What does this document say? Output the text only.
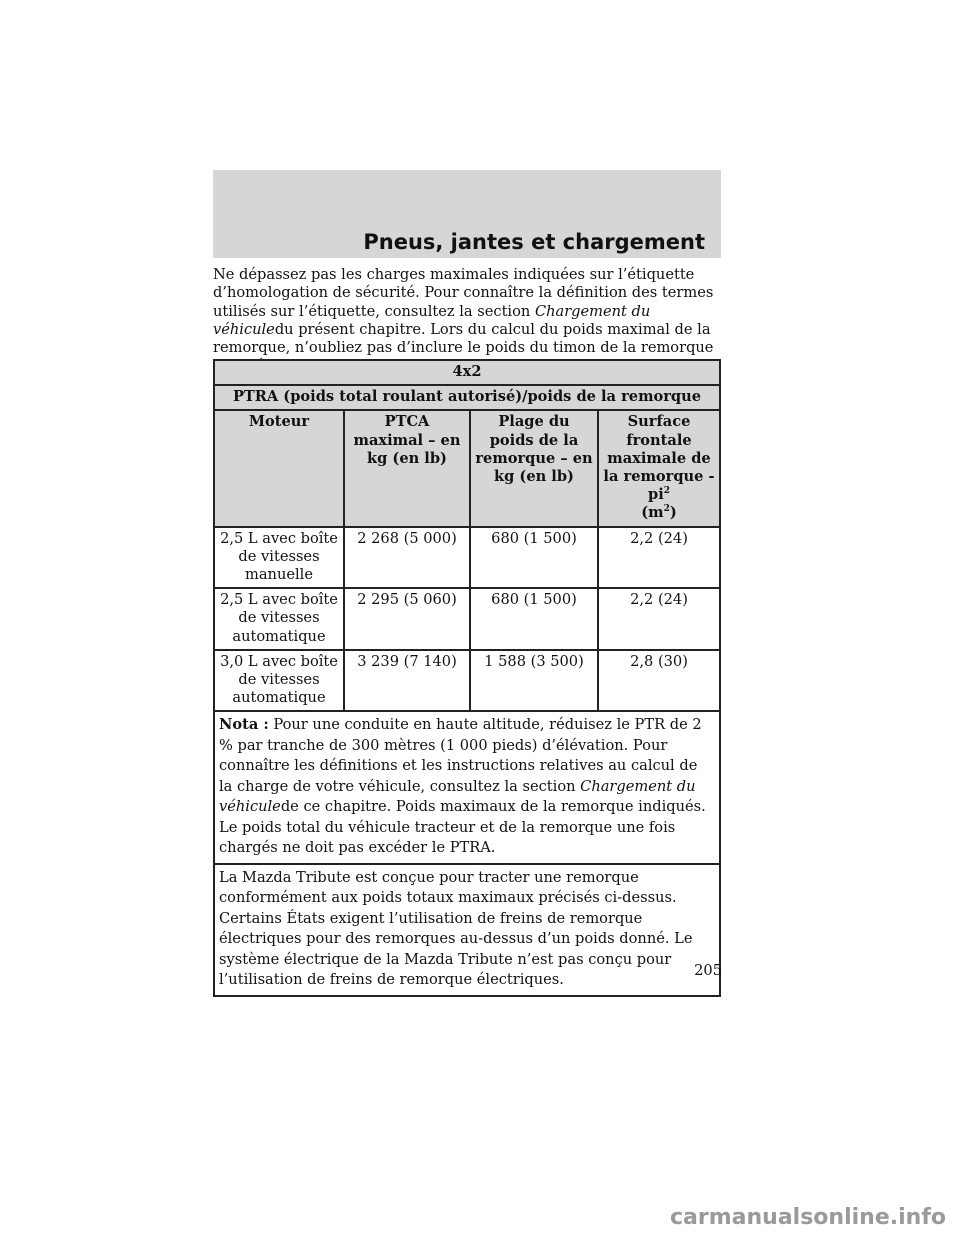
Pneus, jantes et chargement
Ne dépassez pas les charges maximales indiquées sur l’étiquette d’homologation de sécurité. Pour connaître la définition des termes utilisés sur l’étiquette, consultez la section Chargement du véhiculedu présent chapitre. Lors du calcul du poids maximal de la remorque, n’oubliez pas d’inclure le poids du timon de la remorque
4x2			
PTRA (poids total roulant autorisé)/poids de la remorque			
Moteur	PTCA maximal – en kg (en lb)	Plage du poids de la remorque – en kg (en lb)	Surface frontale maximale de la remorque - $pi^2$
$(m^2)$
2,5 L avec boîte de vitesses manuelle	2 268 (5 000)	680 (1 500)	2,2 (24)
2,5 L avec boîte de vitesses automatique	2 295 (5 060)	680 (1 500)	2,2 (24)
3,0 L avec boîte de vitesses automatique	3 239 (7 140)	1 588 (3 500)	2,8 (30)
Nota : Pour une conduite en haute altitude, réduisez le PTR de 2 % par tranche de 300 mètres (1 000 pieds) d’élévation. Pour connaître les définitions et les instructions relatives au calcul de la charge de votre véhicule, consultez la section Chargement du véhiculede ce chapitre. Poids maximaux de la remorque indiqués. Le poids total du véhicule tracteur et de la remorque une fois chargés ne doit pas excéder le PTRA.			
La Mazda Tribute est conçue pour tracter une remorque conformément aux poids totaux maximaux précisés ci-dessus. Certains États exigent l’utilisation de freins de remorque électriques pour des remorques au-dessus d’un poids donné. Le système électrique de la Mazda Tribute n’est pas conçu pour l’utilisation de freins de remorque électriques.			
205
carmanualsonline.info
